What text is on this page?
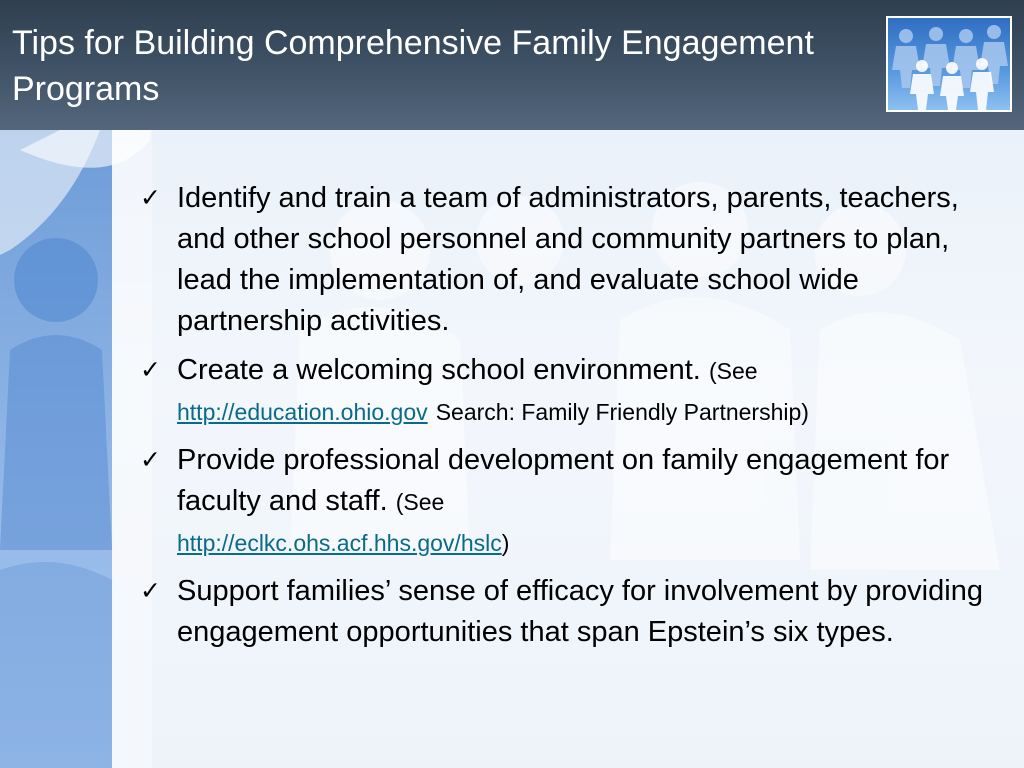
Tips for Building Comprehensive Family Engagement Programs
✓ Identify and train a team of administrators, parents, teachers, and other school personnel and community partners to plan, lead the implementation of, and evaluate school wide partnership activities.
✓ Create a welcoming school environment. (See
http://education.ohio.gov Search: Family Friendly Partnership)
✓ Provide professional development on family engagement for faculty and staff. (See
http://eclkc.ohs.acf.hhs.gov/hslc)
✓ Support families’ sense of efficacy for involvement by providing engagement opportunities that span Epstein’s six types.
